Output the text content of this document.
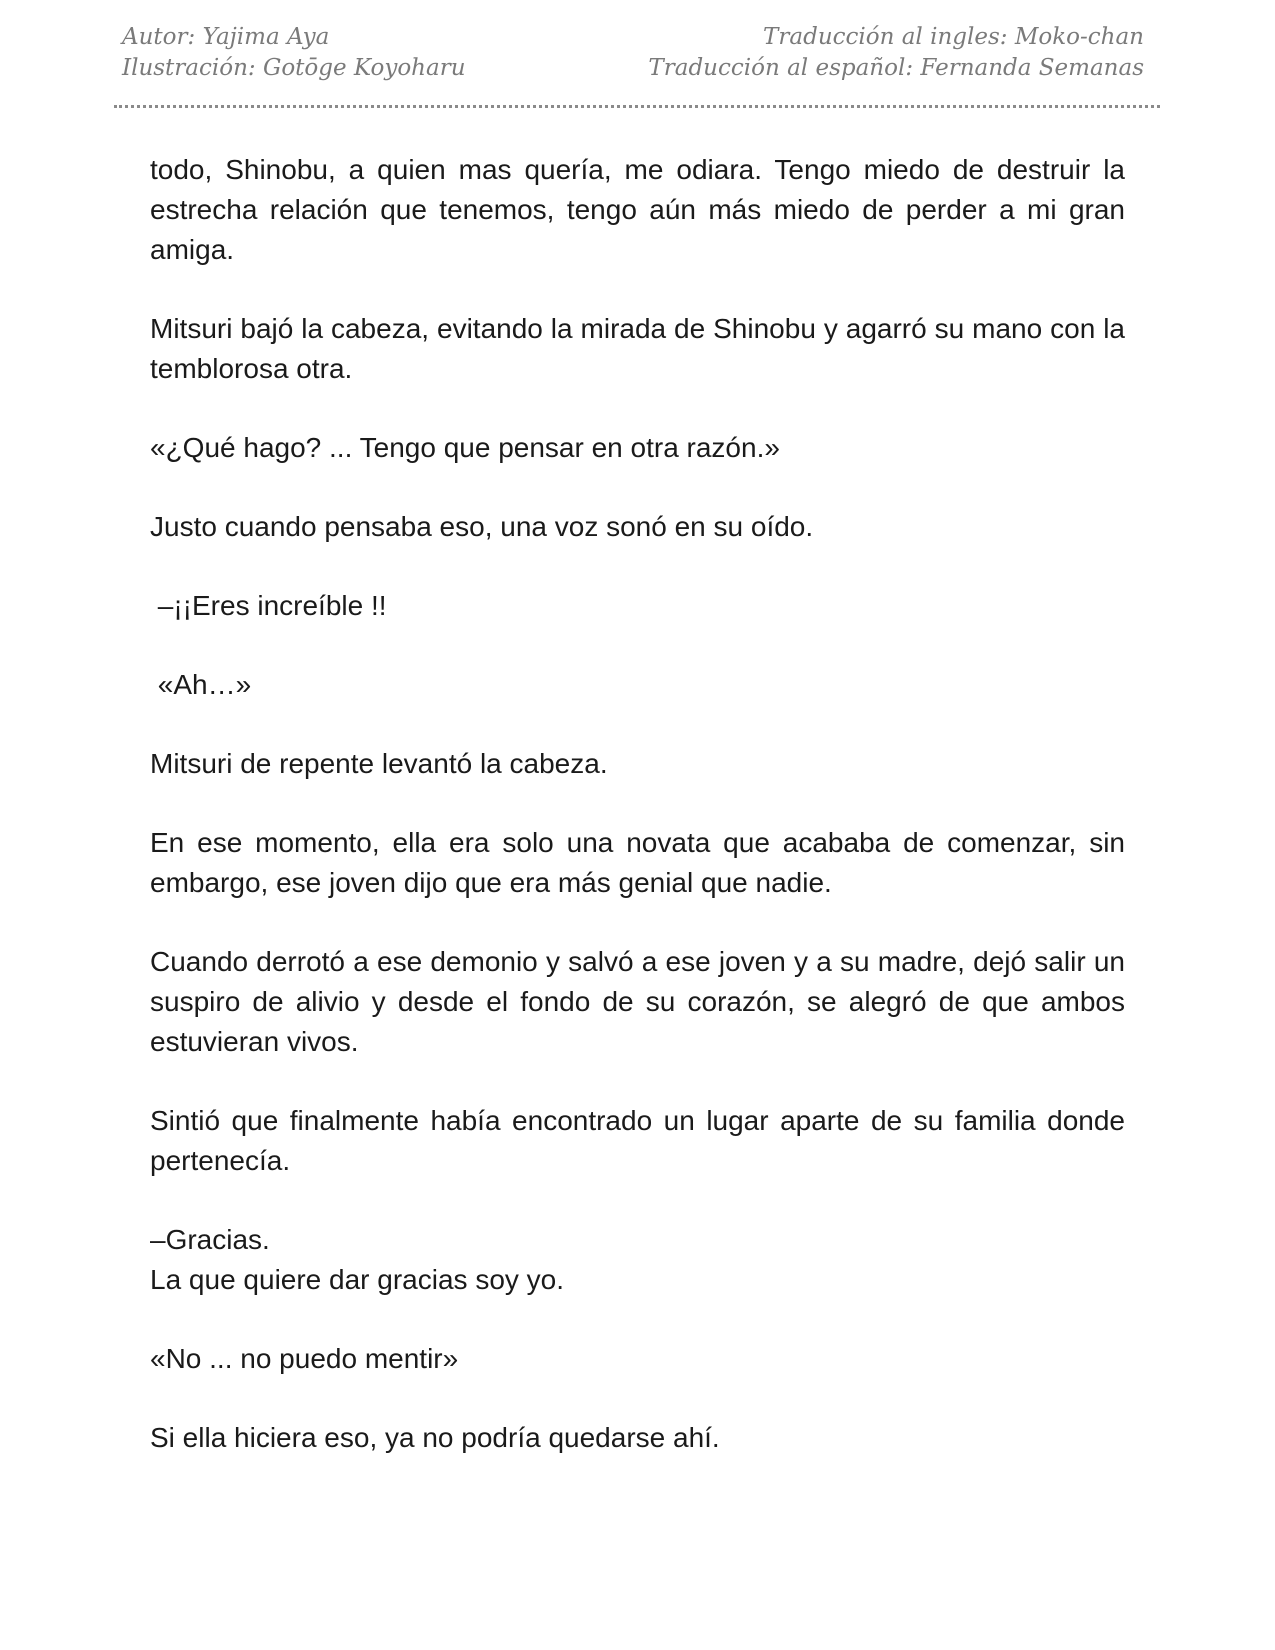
Autor: Yajima Aya
Ilustración: Gotōge Koyoharu
Traducción al ingles: Moko-chan
Traducción al español: Fernanda Semanas

todo, Shinobu, a quien mas quería, me odiara. Tengo miedo de destruir la estrecha relación que tenemos, tengo aún más miedo de perder a mi gran amiga.

Mitsuri bajó la cabeza, evitando la mirada de Shinobu y agarró su mano con la temblorosa otra.

«¿Qué hago? ... Tengo que pensar en otra razón.»

Justo cuando pensaba eso, una voz sonó en su oído.

–¡¡Eres increíble !!

«Ah…»

Mitsuri de repente levantó la cabeza.

En ese momento, ella era solo una novata que acababa de comenzar, sin embargo, ese joven dijo que era más genial que nadie.

Cuando derrotó a ese demonio y salvó a ese joven y a su madre, dejó salir un suspiro de alivio y desde el fondo de su corazón, se alegró de que ambos estuvieran vivos.

Sintió que finalmente había encontrado un lugar aparte de su familia donde pertenecía.

–Gracias.

La que quiere dar gracias soy yo.

«No ... no puedo mentir»

Si ella hiciera eso, ya no podría quedarse ahí.
